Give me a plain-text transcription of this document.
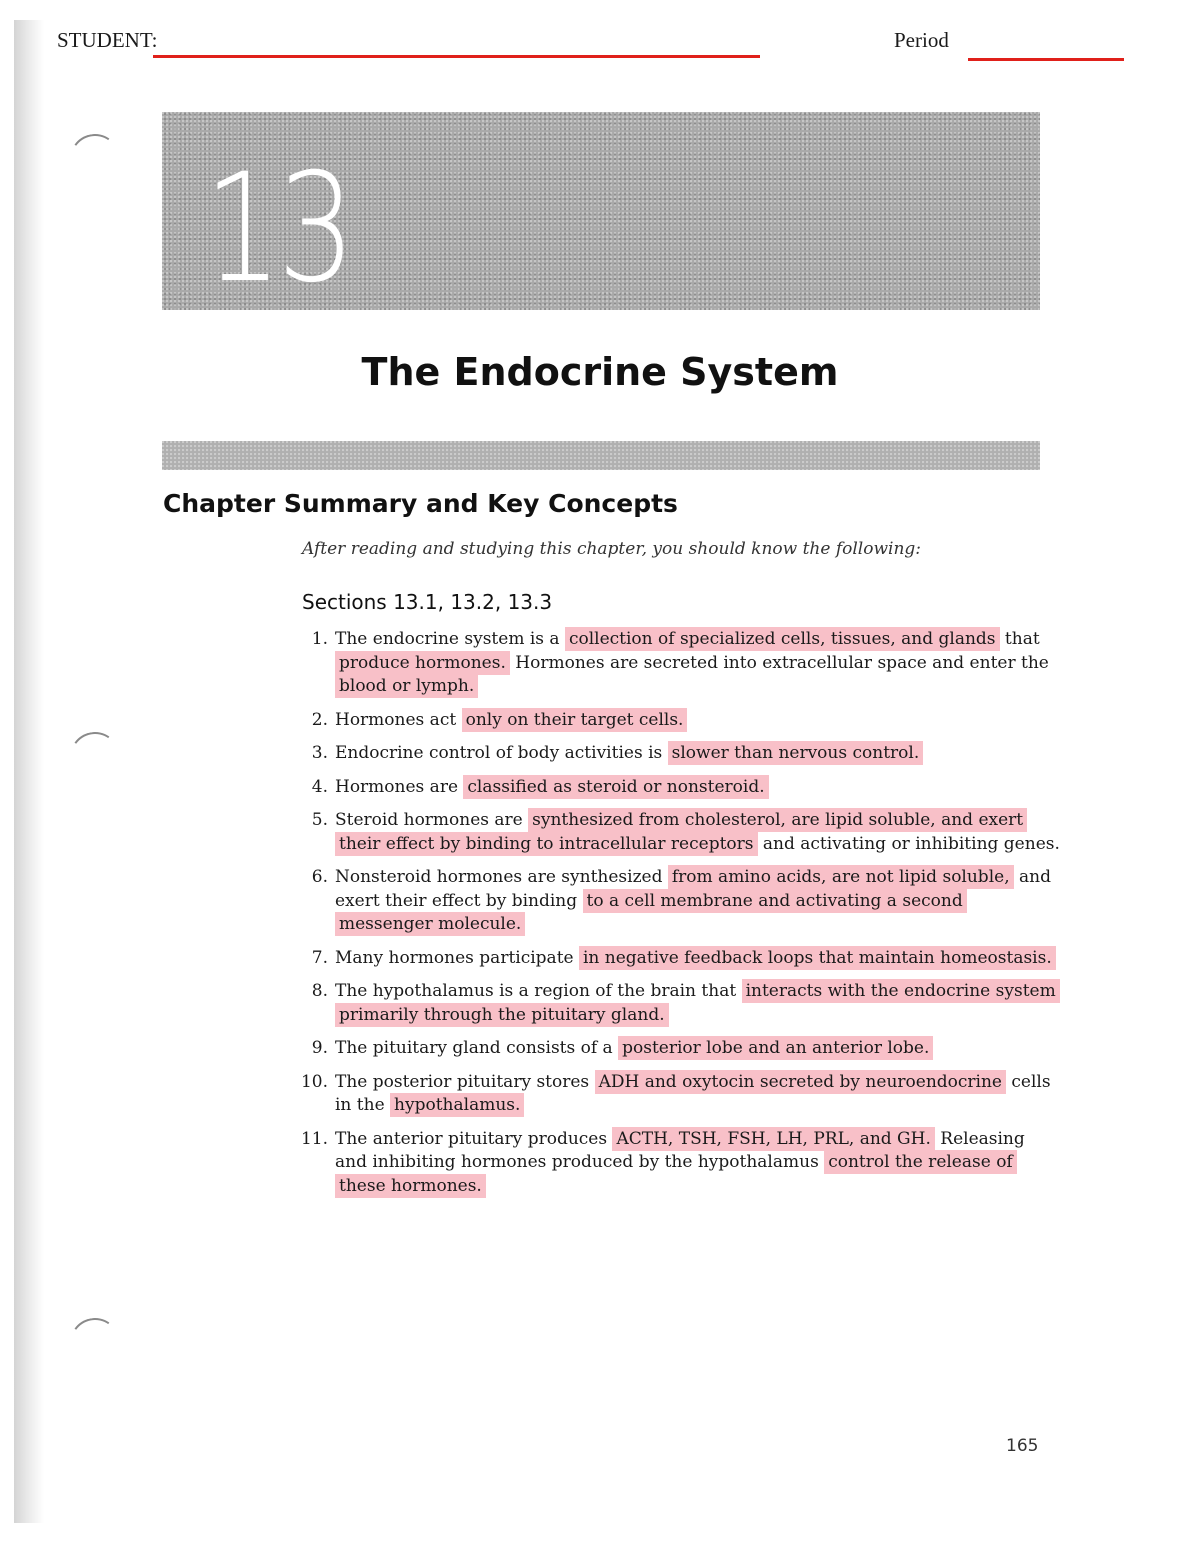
STUDENT:	Period
13
The Endocrine System
Chapter Summary and Key Concepts
After reading and studying this chapter, you should know the following:
Sections 13.1, 13.2, 13.3
1. The endocrine system is a collection of specialized cells, tissues, and glands that produce hormones. Hormones are secreted into extracellular space and enter the blood or lymph.
2. Hormones act only on their target cells.
3. Endocrine control of body activities is slower than nervous control.
4. Hormones are classified as steroid or nonsteroid.
5. Steroid hormones are synthesized from cholesterol, are lipid soluble, and exert their effect by binding to intracellular receptors and activating or inhibiting genes.
6. Nonsteroid hormones are synthesized from amino acids, are not lipid soluble, and exert their effect by binding to a cell membrane and activating a second messenger molecule.
7. Many hormones participate in negative feedback loops that maintain homeostasis.
8. The hypothalamus is a region of the brain that interacts with the endocrine system primarily through the pituitary gland.
9. The pituitary gland consists of a posterior lobe and an anterior lobe.
10. The posterior pituitary stores ADH and oxytocin secreted by neuroendocrine cells in the hypothalamus.
11. The anterior pituitary produces ACTH, TSH, FSH, LH, PRL, and GH. Releasing and inhibiting hormones produced by the hypothalamus control the release of these hormones.
165
